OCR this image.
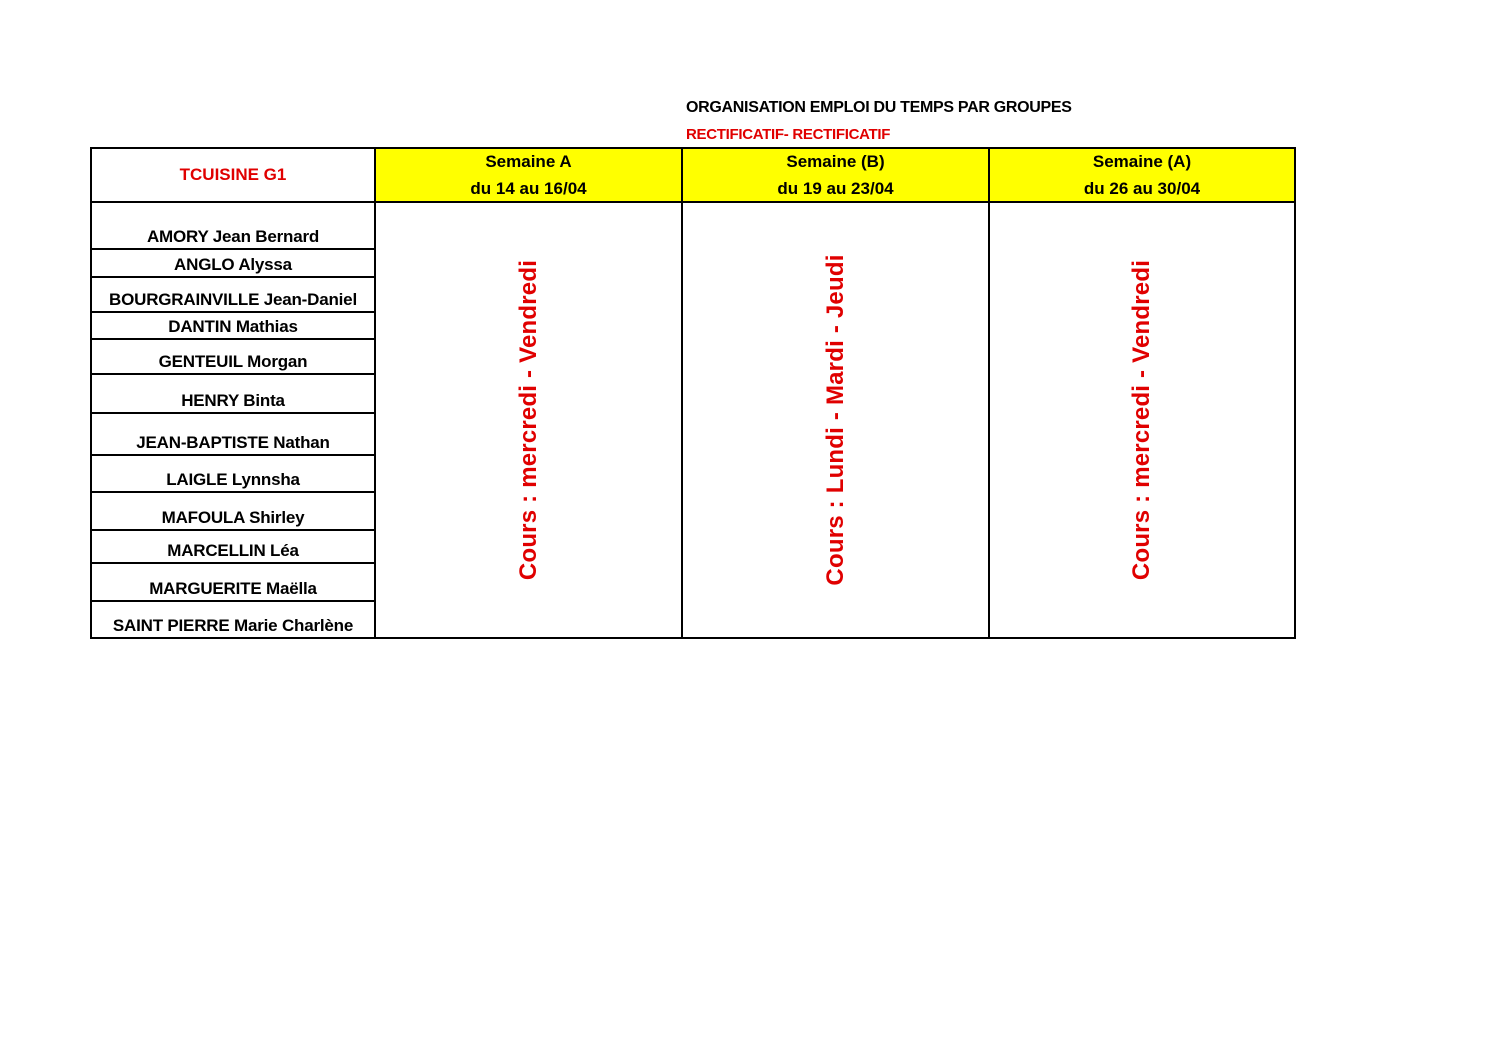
ORGANISATION EMPLOI DU TEMPS PAR GROUPES
RECTIFICATIF- RECTIFICATIF
TCUISINE G1
Semaine A
du 14 au 16/04
Semaine (B)
du 19 au 23/04
Semaine (A)
du 26 au 30/04
AMORY Jean Bernard
ANGLO Alyssa
BOURGRAINVILLE Jean-Daniel
DANTIN Mathias
GENTEUIL Morgan
HENRY Binta
JEAN-BAPTISTE Nathan
LAIGLE Lynnsha
MAFOULA Shirley
MARCELLIN Léa
MARGUERITE Maëlla
SAINT PIERRE Marie Charlène
Cours : mercredi - Vendredi	Cours : Lundi - Mardi - Jeudi	Cours : mercredi - Vendredi
